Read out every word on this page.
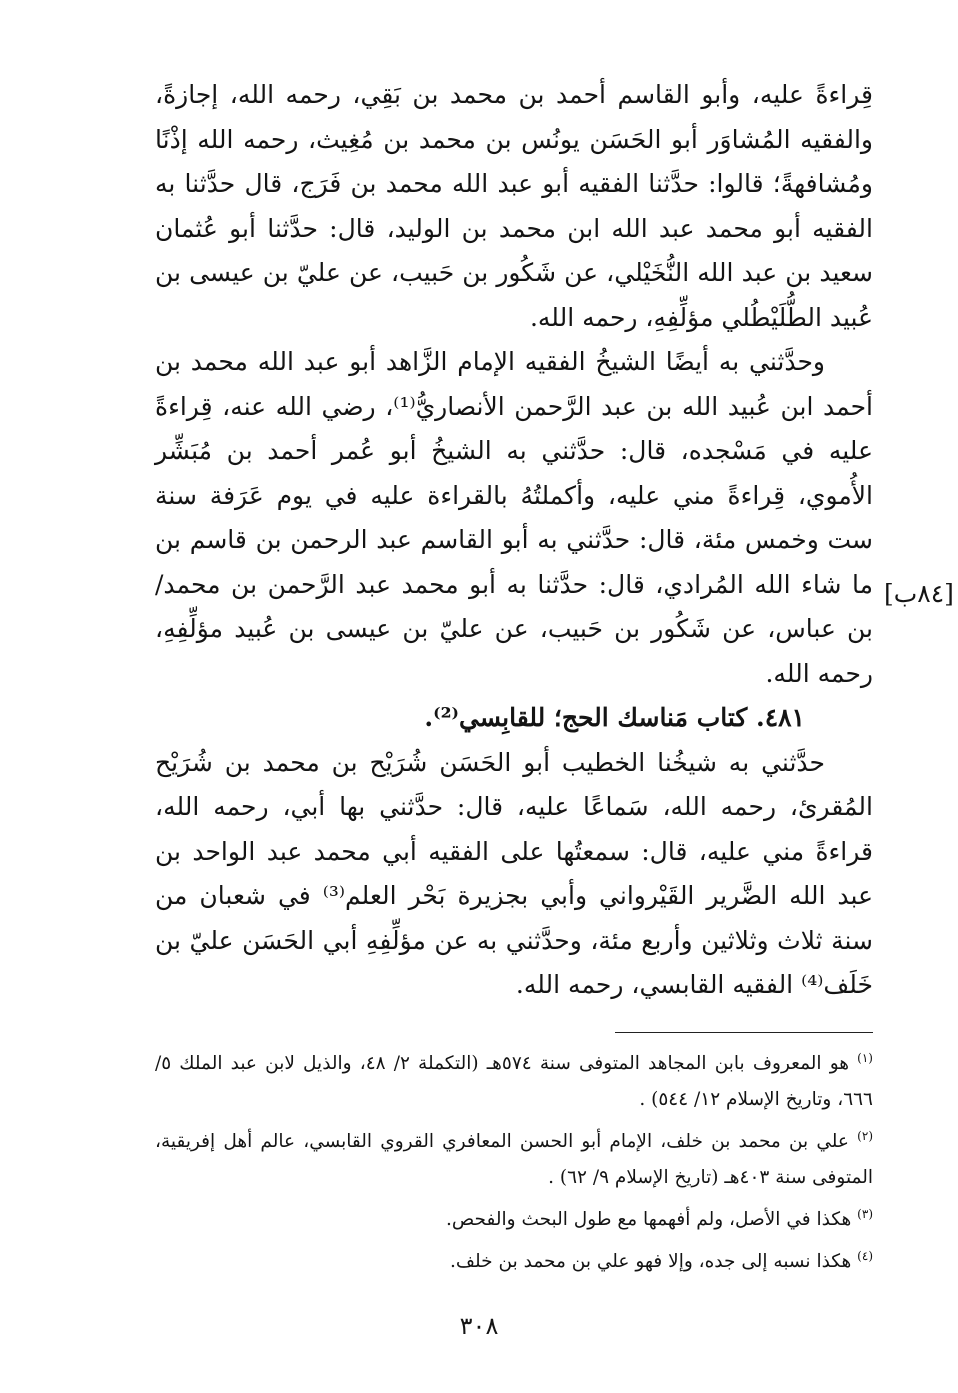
قِراءةً عليه، وأبو القاسم أحمد بن محمد بن بَقِي، رحمه الله، إجازةً، والفقيه المُشاوَر أبو الحَسَن يونُس بن محمد بن مُغِيث، رحمه الله إذْنًا ومُشافهةً؛ قالوا: حدَّثنا الفقيه أبو عبد الله محمد بن فَرَج، قال حدَّثنا به الفقيه أبو محمد عبد الله ابن محمد بن الوليد، قال: حدَّثنا أبو عُثمان سعيد بن عبد الله النُّخَيْلي، عن شَكُور بن حَبيب، عن عليّ بن عيسى بن عُبيد الطُّلَيْطُلي مؤلِّفِهِ، رحمه الله.

وحدَّثني به أيضًا الشيخُ الفقيه الإمام الزَّاهد أبو عبد الله محمد بن أحمد ابن عُبيد الله بن عبد الرَّحمن الأنصاريُّ⁽¹⁾، رضي الله عنه، قِراءةً عليه في مَسْجده، قال: حدَّثني به الشيخُ أبو عُمر أحمد بن مُبَشِّر الأُموي، قِراءةً مني عليه، وأكملتُهُ بالقراءة عليه في يوم عَرَفة سنة ست وخمس مئة، قال: حدَّثني به أبو القاسم عبد الرحمن بن قاسم بن ما شاء الله المُرادي، قال: حدَّثنا به أبو محمد عبد الرَّحمن بن محمد/ بن عباس، عن شَكُور بن حَبيب، عن عليّ بن عيسى بن عُبيد مؤلِّفِهِ، رحمه الله.

٤٨١. كتاب مَناسك الحج؛ للقابِسي⁽²⁾.

حدَّثني به شيخُنا الخطيب أبو الحَسَن شُرَيْح بن محمد بن شُرَيْح المُقرئ، رحمه الله، سَماعًا عليه، قال: حدَّثني بها أبي، رحمه الله، قراءةً مني عليه، قال: سمعتُها على الفقيه أبي محمد عبد الواحد بن عبد الله الضَّرير القَيْرواني وأبي بجزيرة بَحْر العلم⁽³⁾ في شعبان من سنة ثلاث وثلاثين وأربع مئة، وحدَّثني به عن مؤلِّفِهِ أبي الحَسَن عليّ بن خَلَف⁽⁴⁾ الفقيه القابسي، رحمه الله.

[٨٤ب]

$^{(١)}$ هو المعروف بابن المجاهد المتوفى سنة ٥٧٤هـ (التكملة ٢/ ٤٨، والذيل لابن عبد الملك ٥/ ٦٦٦، وتاريخ الإسلام ١٢/ ٥٤٤) .

$^{(٢)}$ علي بن محمد بن خلف، الإمام أبو الحسن المعافري القروي القابسي، عالم أهل إفريقية، المتوفى سنة ٤٠٣هـ (تاريخ الإسلام ٩/ ٦٢) .

$^{(٣)}$ هكذا في الأصل، ولم أفهمها مع طول البحث والفحص.

$^{(٤)}$ هكذا نسبه إلى جده، وإلا فهو علي بن محمد بن خلف.

٣٠٨
